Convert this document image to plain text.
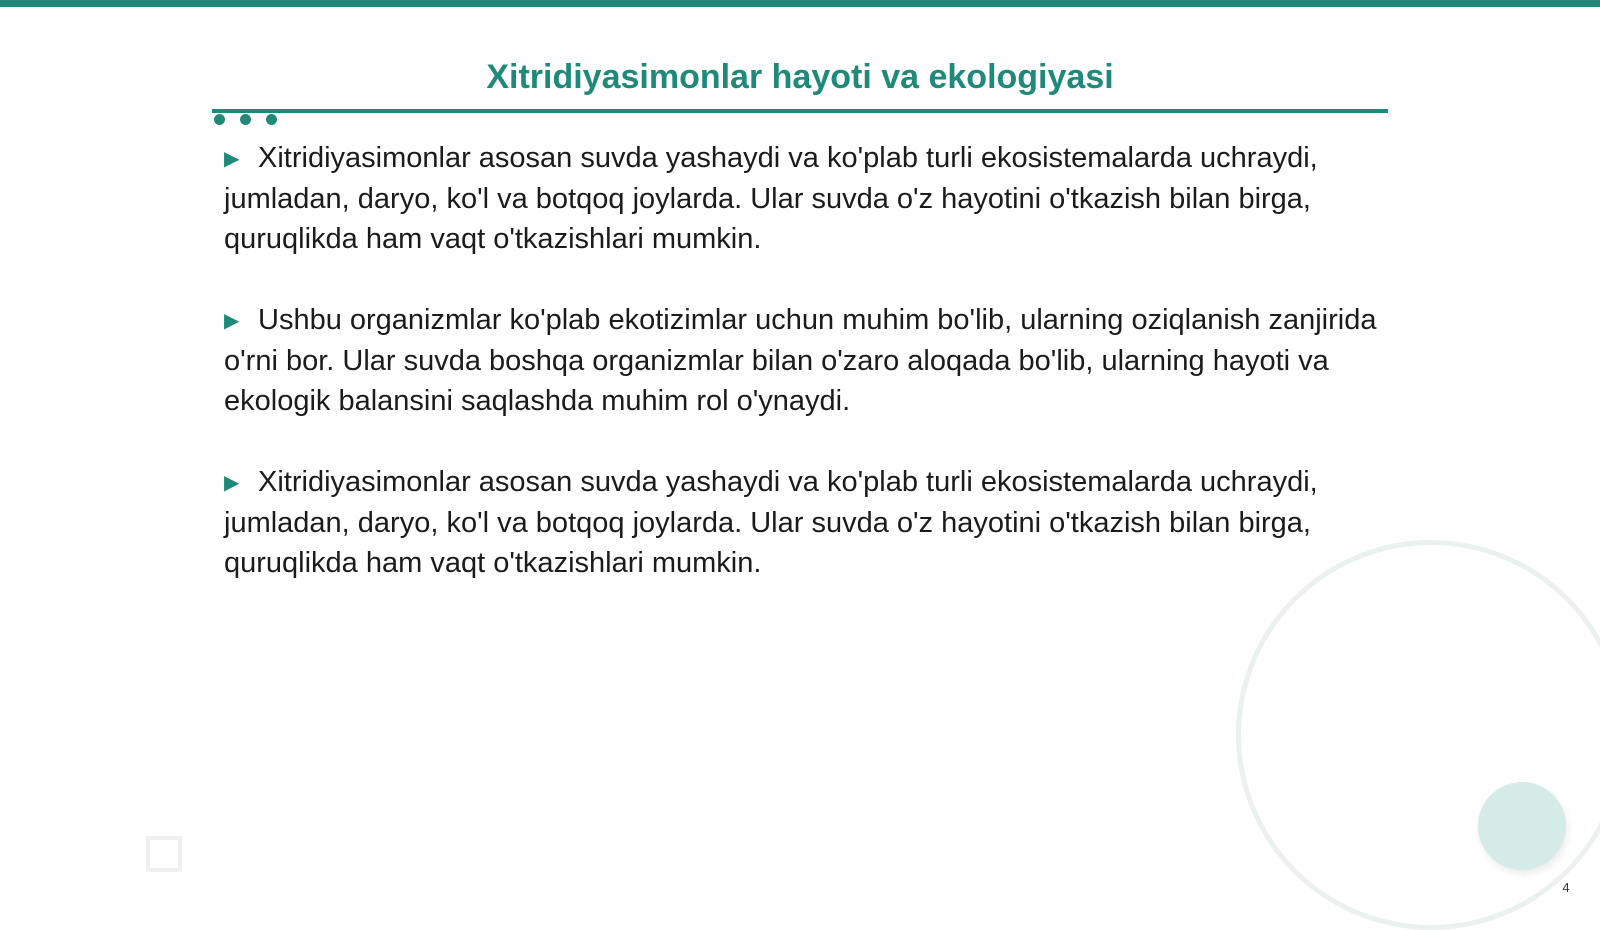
Xitridiyasimonlar hayoti va ekologiyasi

▶ Xitridiyasimonlar asosan suvda yashaydi va ko'plab turli ekosistemalarda uchraydi, jumladan, daryo, ko'l va botqoq joylarda. Ular suvda o'z hayotini o'tkazish bilan birga, quruqlikda ham vaqt o'tkazishlari mumkin.

▶ Ushbu organizmlar ko'plab ekotizimlar uchun muhim bo'lib, ularning oziqlanish zanjirida o'rni bor. Ular suvda boshqa organizmlar bilan o'zaro aloqada bo'lib, ularning hayoti va ekologik balansini saqlashda muhim rol o'ynaydi.

▶ Xitridiyasimonlar asosan suvda yashaydi va ko'plab turli ekosistemalarda uchraydi, jumladan, daryo, ko'l va botqoq joylarda. Ular suvda o'z hayotini o'tkazish bilan birga, quruqlikda ham vaqt o'tkazishlari mumkin.

4
